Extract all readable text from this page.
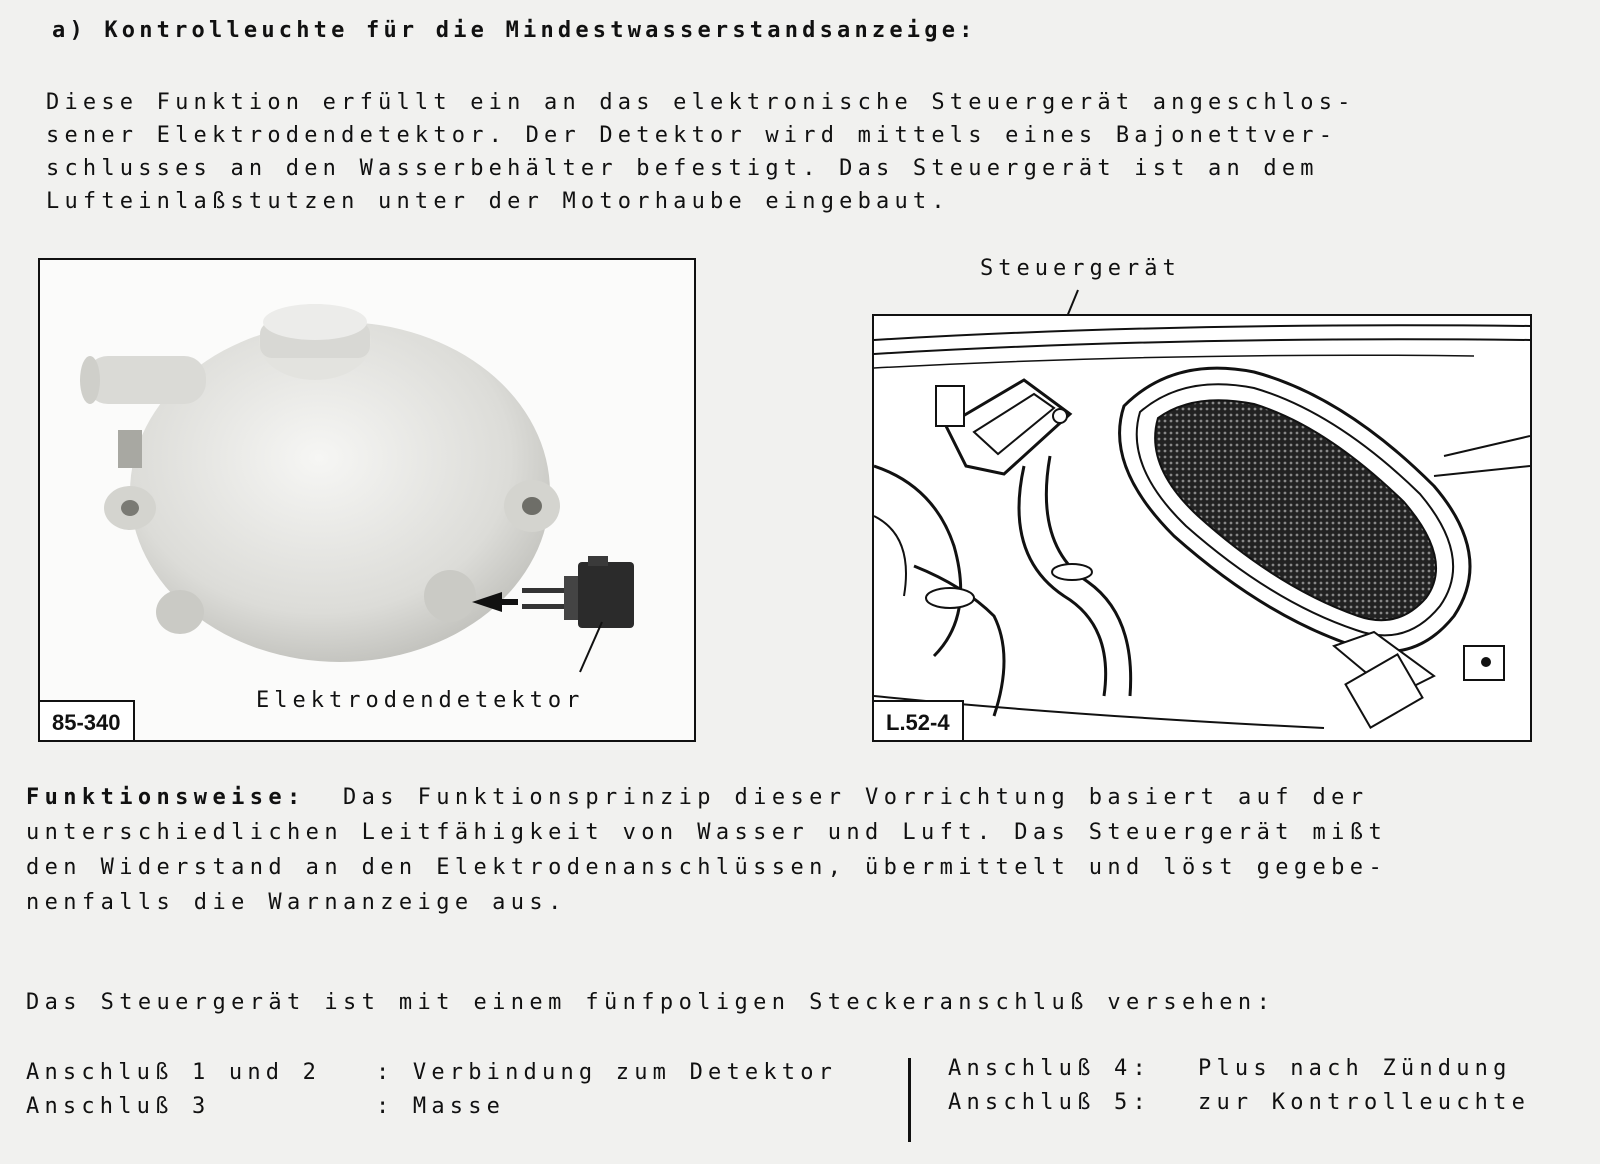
a) Kontrolleuchte für die Mindestwasserstandsanzeige:
Diese Funktion erfüllt ein an das elektronische Steuergerät angeschlos-
sener Elektrodendetektor. Der Detektor wird mittels eines Bajonettver-
schlusses an den Wasserbehälter befestigt. Das Steuergerät ist an dem
Lufteinlaßstutzen unter der Motorhaube eingebaut.
85-340
Elektrodendetektor
Steuergerät
L.52-4
Funktionsweise: Das Funktionsprinzip dieser Vorrichtung basiert auf der
unterschiedlichen Leitfähigkeit von Wasser und Luft. Das Steuergerät mißt
den Widerstand an den Elektrodenanschlüssen, übermittelt und löst gegebe-
nenfalls die Warnanzeige aus.
Das Steuergerät ist mit einem fünfpoligen Steckeranschluß versehen:
Anschluß 1 und 2	: Verbindung zum Detektor
Anschluß 3	: Masse
Anschluß 4:	Plus nach Zündung
Anschluß 5:	zur Kontrolleuchte
